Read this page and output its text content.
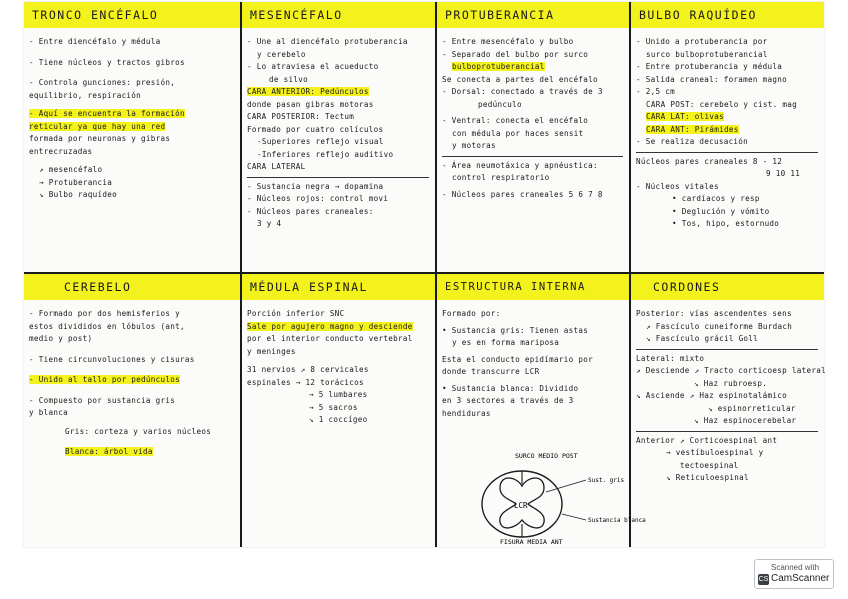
TRONCO ENCÉFALO	MESENCÉFALO	PROTUBERANCIA	BULBO RAQUÍDEO
CEREBELO	MÉDULA ESPINAL	ESTRUCTURA INTERNA	CORDONES
- Entre diencéfalo y médula
- Tiene núcleos y tractos gibros
- Controla gunciones: presión,
equilibrio, respiración
- Aquí se encuentra la formación
reticular ya que hay una red
formada por neuronas y gibras
entrecruzadas
↗ mesencéfalo
→ Protuberancia
↘ Bulbo raquídeo
- Une al diencéfalo protuberancia
y cerebelo
- Lo atraviesa el acueducto
de silvo
CARA ANTERIOR: Pedúnculos
donde pasan gibras motoras
CARA POSTERIOR: Tectum
Formado por cuatro colículos
-Superiores reflejo visual
-Inferiores reflejo auditivo
CARA LATERAL
- Sustancia negra → dopamina
- Núcleos rojos: control movi
- Núcleos pares craneales:
3 y 4
- Entre mesencéfalo y bulbo
- Separado del bulbo por surco
bulboprotuberancial
Se conecta a partes del encéfalo
- Dorsal: conectado a través de 3
pedúnculo
- Ventral: conecta el encéfalo
con médula por haces sensit
y motoras
- Área neumotáxica y apnéustica:
control respiratorio
- Núcleos pares craneales 5 6 7 8
- Unido a protuberancia por
surco bulboprotuberancial
- Entre protuberancia y médula
- Salida craneal: foramen magno
- 2,5 cm
CARA POST: cerebelo y cist. mag
CARA LAT: olivas
CARA ANT: Pirámides
- Se realiza decusación
Núcleos pares craneales 8 - 12
9 10 11
- Núcleos vitales
• cardíacos y resp
• Deglución y vómito
• Tos, hipo, estornudo
- Formado por dos hemisferios y
estos divididos en lóbulos (ant,
medio y post)
- Tiene circunvoluciones y cisuras
- Unido al tallo por pedúnculos
- Compuesto por sustancia gris
y blanca
Gris: corteza y varios núcleos
Blanca: árbol vida
Porción inferior SNC
Sale por agujero magno y desciende
por el interior conducto vertebral
y meninges
31 nervios ↗ 8 cervicales
espinales → 12 torácicos
→ 5 lumbares
→ 5 sacros
↘ 1 coccígeo
Formado por:
• Sustancia gris: Tienen astas
y es en forma mariposa
Esta el conducto epidímario por
donde transcurre LCR
• Sustancia blanca: Dividido
en 3 sectores a través de 3
hendiduras
SURCO MEDIO POST
LCR
Sust. gris
Sustancia blanca
FISURA MEDIA ANT
Posterior: vías ascendentes sens
↗ Fascículo cuneiforme Burdach
↘ Fascículo grácil Goll
Lateral: mixto
↗ Desciende ↗ Tracto corticoesp lateral
↘ Haz rubroesp.
↘ Asciende ↗ Haz espinotalámico
↘ espinorreticular
↘ Haz espinocerebelar
Anterior ↗ Corticoespinal ant
→ vestíbuloespinal y
tectoespinal
↘ Reticuloespinal
Scanned with
CS CamScanner
